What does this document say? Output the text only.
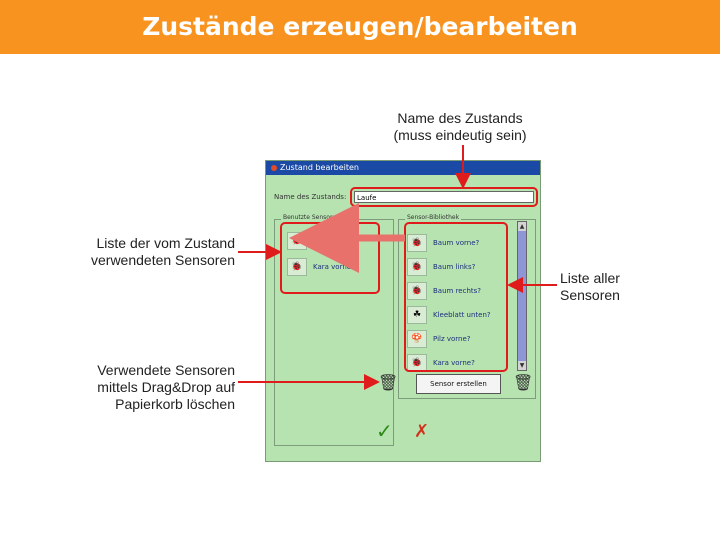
Zustände erzeugen/bearbeiten
Name des Zustands
(muss eindeutig sein)
Liste der vom Zustand
verwendeten Sensoren
Liste aller
Sensoren
Verwendete Sensoren
mittels Drag&Drop auf
Papierkorb löschen
Zustand bearbeiten
Name des Zustands:	Laufe
Benutzte Sensoren
🐞	Baum vorne?
🐞	Kara vorne?
Sensor-Bibliothek
🐞	Baum vorne?
🐞	Baum links?
🐞	Baum rechts?
☘	Kleeblatt unten?
🍄	Pilz vorne?
🐞	Kara vorne?
▲
▼
🗑	Sensor erstellen	🗑
✓ ✗
